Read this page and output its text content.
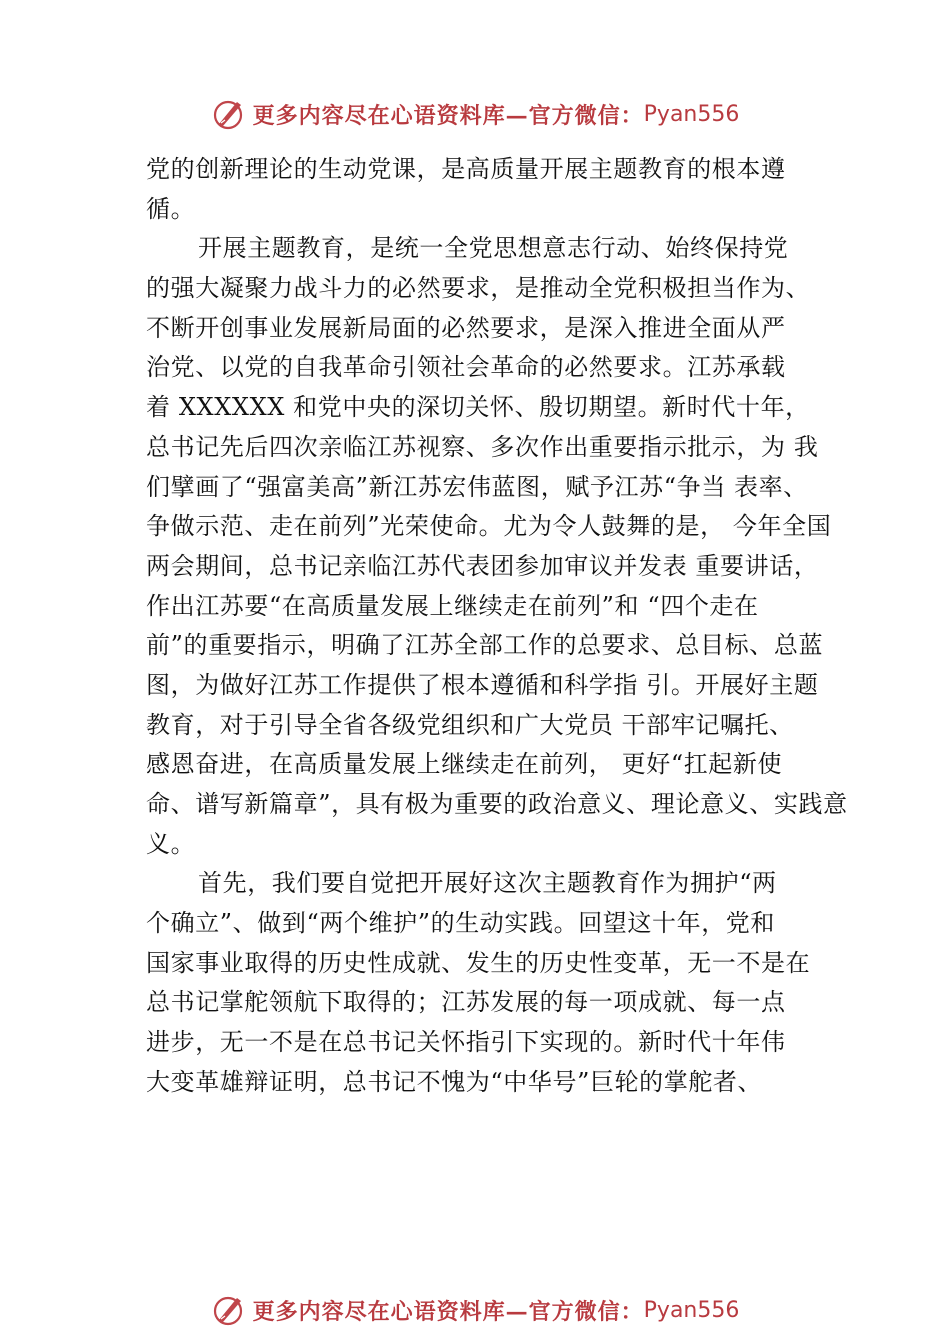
更多内容尽在心语资料库—官方微信： Pyan556
党的创新理论的生动党课，是高质量开展主题教育的根本遵
循。
开展主题教育，是统一全党思想意志行动、始终保持党
的强大凝聚力战斗力的必然要求，是推动全党积极担当作为、
不断开创事业发展新局面的必然要求，是深入推进全面从严
治党、以党的自我革命引领社会革命的必然要求。江苏承载
着 XXXXXX 和党中央的深切关怀、殷切期望。新时代十年，
总书记先后四次亲临江苏视察、多次作出重要指示批示，为 我
们擘画了“强富美高”新江苏宏伟蓝图，赋予江苏“争当 表率、
争做示范、走在前列”光荣使命。尤为令人鼓舞的是， 今年全国
两会期间，总书记亲临江苏代表团参加审议并发表 重要讲话，
作出江苏要“在高质量发展上继续走在前列”和 “四个走在
前”的重要指示，明确了江苏全部工作的总要求、总目标、总蓝
图，为做好江苏工作提供了根本遵循和科学指 引。开展好主题
教育，对于引导全省各级党组织和广大党员 干部牢记嘱托、
感恩奋进，在高质量发展上继续走在前列， 更好“扛起新使
命、谱写新篇章”，具有极为重要的政治意义、理论意义、实践意
义。
首先，我们要自觉把开展好这次主题教育作为拥护“两
个确立”、做到“两个维护”的生动实践。回望这十年，党和
国家事业取得的历史性成就、发生的历史性变革，无一不是在
总书记掌舵领航下取得的；江苏发展的每一项成就、每一点
进步，无一不是在总书记关怀指引下实现的。新时代十年伟
大变革雄辩证明，总书记不愧为“中华号”巨轮的掌舵者、
更多内容尽在心语资料库—官方微信： Pyan556
